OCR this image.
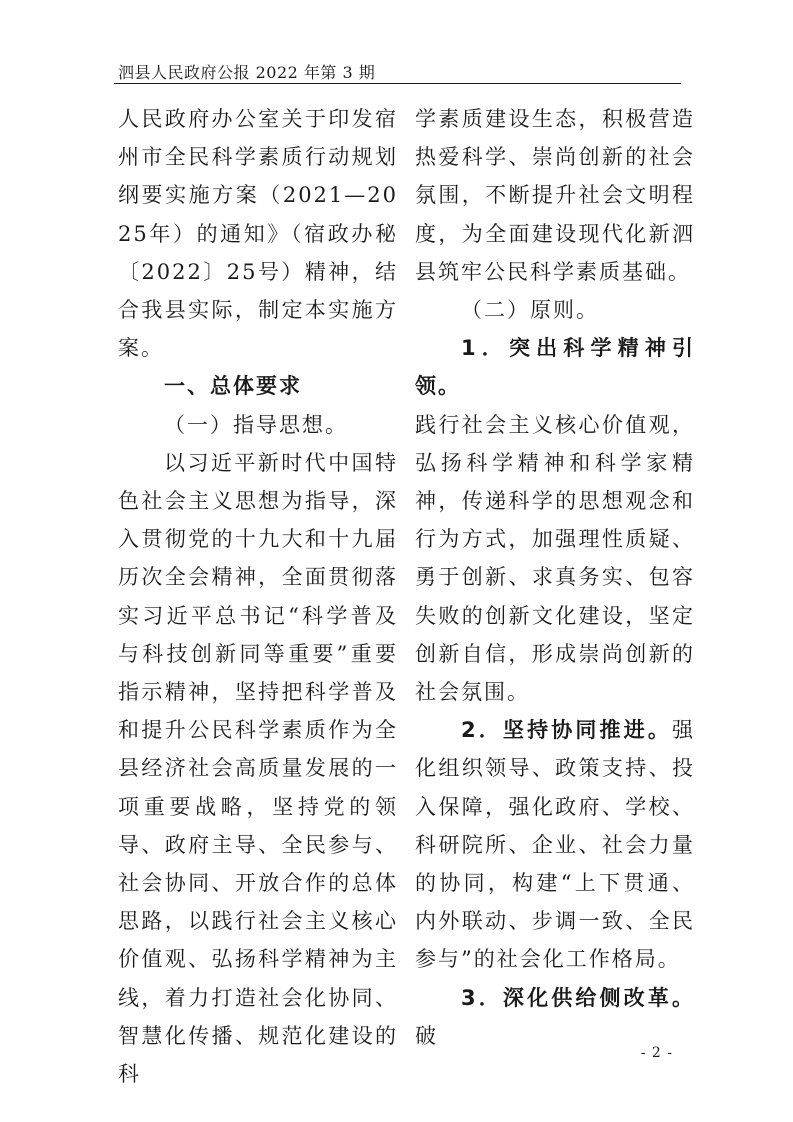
泗县人民政府公报 2022 年第 3 期

人民政府办公室关于印发宿州市全民科学素质行动规划纲要实施方案（2021—2025年）的通知》（宿政办秘〔2022〕25号）精神，结合我县实际，制定本实施方案。

一、总体要求

（一）指导思想。

以习近平新时代中国特色社会主义思想为指导，深入贯彻党的十九大和十九届历次全会精神，全面贯彻落实习近平总书记“科学普及与科技创新同等重要”重要指示精神，坚持把科学普及和提升公民科学素质作为全县经济社会高质量发展的一项重要战略，坚持党的领导、政府主导、全民参与、社会协同、开放合作的总体思路，以践行社会主义核心价值观、弘扬科学精神为主线，着力打造社会化协同、智慧化传播、规范化建设的科

学素质建设生态，积极营造热爱科学、崇尚创新的社会氛围，不断提升社会文明程度，为全面建设现代化新泗县筑牢公民科学素质基础。

（二）原则。

1．突出科学精神引领。

践行社会主义核心价值观，弘扬科学精神和科学家精神，传递科学的思想观念和行为方式，加强理性质疑、勇于创新、求真务实、包容失败的创新文化建设，坚定创新自信，形成崇尚创新的社会氛围。

2．坚持协同推进。强化组织领导、政策支持、投入保障，强化政府、学校、科研院所、企业、社会力量的协同，构建“上下贯通、内外联动、步调一致、全民参与”的社会化工作格局。

3．深化供给侧改革。破

- 2 -
